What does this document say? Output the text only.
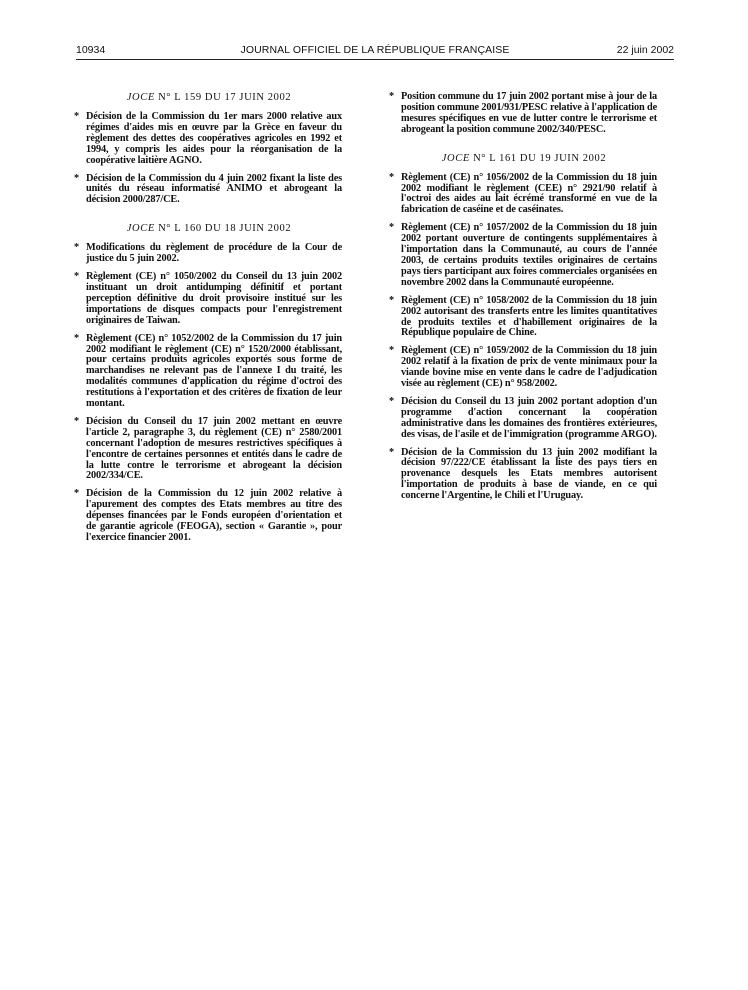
10934	JOURNAL OFFICIEL DE LA RÉPUBLIQUE FRANÇAISE	22 juin 2002
JOCE N° L 159 DU 17 JUIN 2002
* Décision de la Commission du 1er mars 2000 relative aux régimes d'aides mis en œuvre par la Grèce en faveur du règlement des dettes des coopératives agricoles en 1992 et 1994, y compris les aides pour la réorganisation de la coopérative laitière AGNO.
* Décision de la Commission du 4 juin 2002 fixant la liste des unités du réseau informatisé ANIMO et abrogeant la décision 2000/287/CE.
JOCE N° L 160 DU 18 JUIN 2002
* Modifications du règlement de procédure de la Cour de justice du 5 juin 2002.
* Règlement (CE) n° 1050/2002 du Conseil du 13 juin 2002 instituant un droit antidumping définitif et portant perception définitive du droit provisoire institué sur les importations de disques compacts pour l'enregistrement originaires de Taiwan.
* Règlement (CE) n° 1052/2002 de la Commission du 17 juin 2002 modifiant le règlement (CE) n° 1520/2000 établissant, pour certains produits agricoles exportés sous forme de marchandises ne relevant pas de l'annexe I du traité, les modalités communes d'application du régime d'octroi des restitutions à l'exportation et des critères de fixation de leur montant.
* Décision du Conseil du 17 juin 2002 mettant en œuvre l'article 2, paragraphe 3, du règlement (CE) n° 2580/2001 concernant l'adoption de mesures restrictives spécifiques à l'encontre de certaines personnes et entités dans le cadre de la lutte contre le terrorisme et abrogeant la décision 2002/334/CE.
* Décision de la Commission du 12 juin 2002 relative à l'apurement des comptes des Etats membres au titre des dépenses financées par le Fonds européen d'orientation et de garantie agricole (FEOGA), section « Garantie », pour l'exercice financier 2001.
* Position commune du 17 juin 2002 portant mise à jour de la position commune 2001/931/PESC relative à l'application de mesures spécifiques en vue de lutter contre le terrorisme et abrogeant la position commune 2002/340/PESC.
JOCE N° L 161 DU 19 JUIN 2002
* Règlement (CE) n° 1056/2002 de la Commission du 18 juin 2002 modifiant le règlement (CEE) n° 2921/90 relatif à l'octroi des aides au lait écrémé transformé en vue de la fabrication de caséine et de caséinates.
* Règlement (CE) n° 1057/2002 de la Commission du 18 juin 2002 portant ouverture de contingents supplémentaires à l'importation dans la Communauté, au cours de l'année 2003, de certains produits textiles originaires de certains pays tiers participant aux foires commerciales organisées en novembre 2002 dans la Communauté européenne.
* Règlement (CE) n° 1058/2002 de la Commission du 18 juin 2002 autorisant des transferts entre les limites quantitatives de produits textiles et d'habillement originaires de la République populaire de Chine.
* Règlement (CE) n° 1059/2002 de la Commission du 18 juin 2002 relatif à la fixation de prix de vente minimaux pour la viande bovine mise en vente dans le cadre de l'adjudication visée au règlement (CE) n° 958/2002.
* Décision du Conseil du 13 juin 2002 portant adoption d'un programme d'action concernant la coopération administrative dans les domaines des frontières extérieures, des visas, de l'asile et de l'immigration (programme ARGO).
* Décision de la Commission du 13 juin 2002 modifiant la décision 97/222/CE établissant la liste des pays tiers en provenance desquels les Etats membres autorisent l'importation de produits à base de viande, en ce qui concerne l'Argentine, le Chili et l'Uruguay.
